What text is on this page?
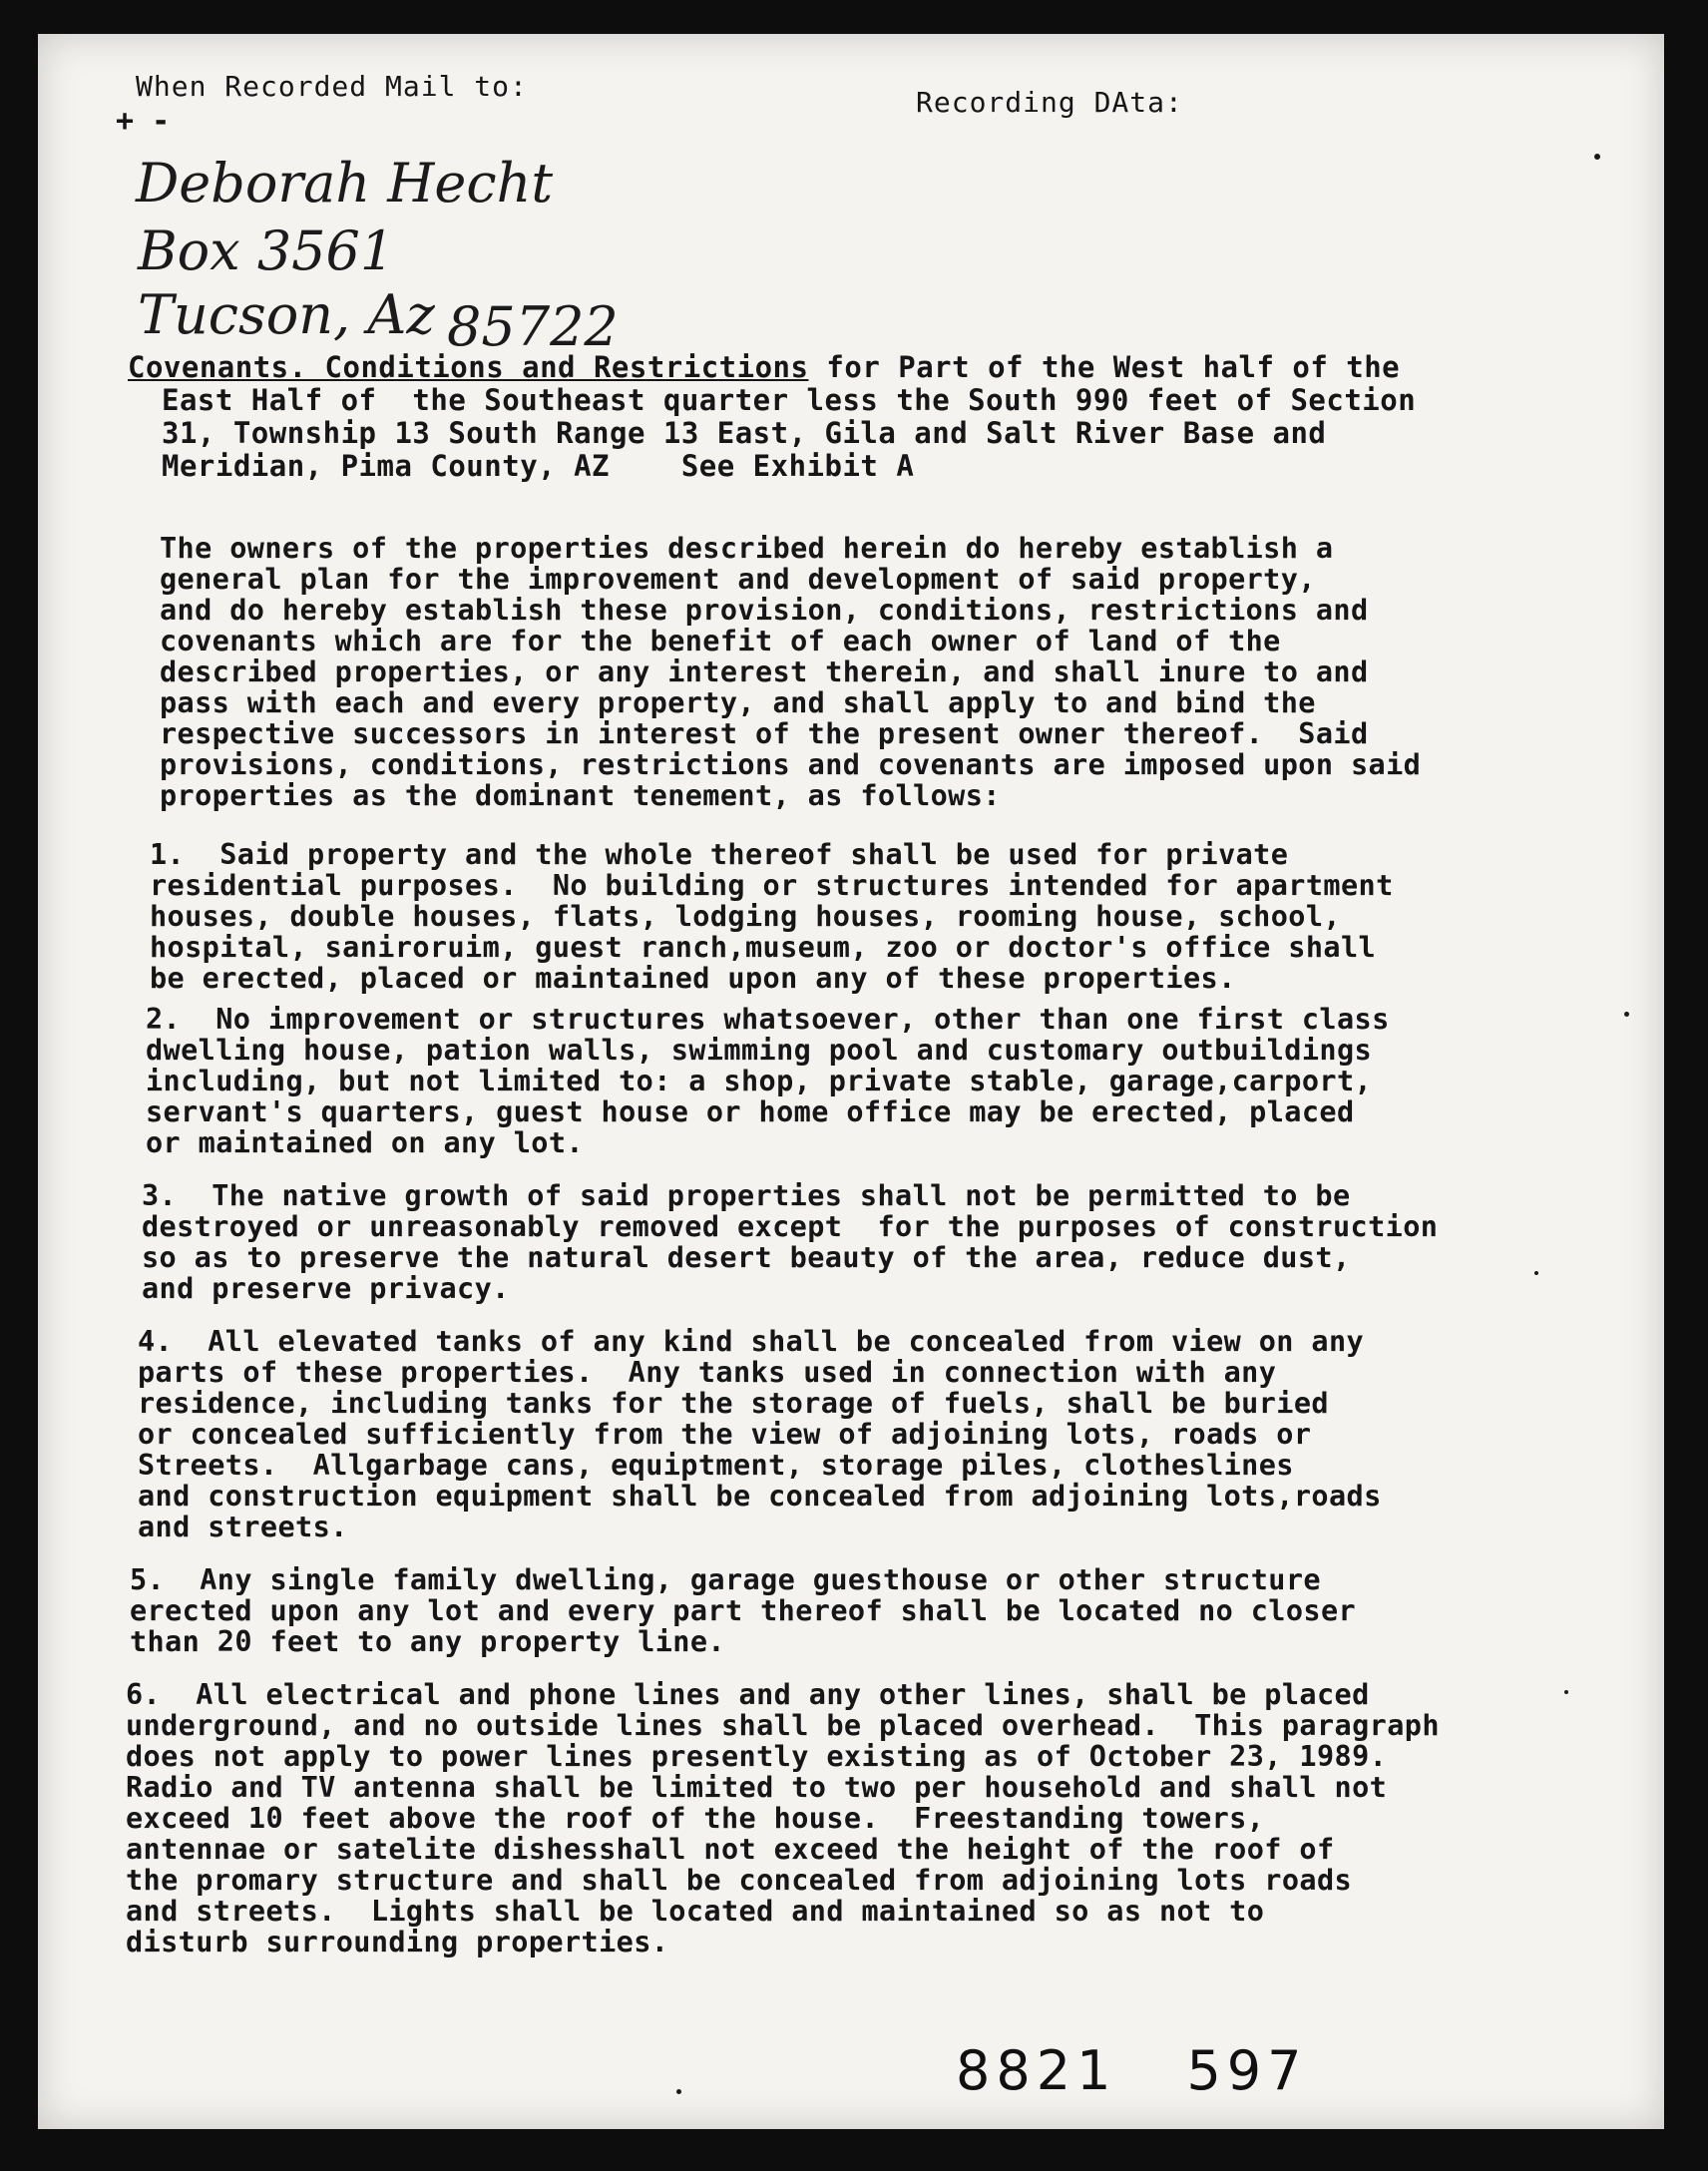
When Recorded Mail to:
+ -
Recording DAta:
Deborah Hecht
Box 3561
Tucson, Az 85722
Covenants. Conditions and Restrictions for Part of the West half of the
East Half of  the Southeast quarter less the South 990 feet of Section
31, Township 13 South Range 13 East, Gila and Salt River Base and
Meridian, Pima County, AZ    See Exhibit A
The owners of the properties described herein do hereby establish a
general plan for the improvement and development of said property,
and do hereby establish these provision, conditions, restrictions and
covenants which are for the benefit of each owner of land of the
described properties, or any interest therein, and shall inure to and
pass with each and every property, and shall apply to and bind the
respective successors in interest of the present owner thereof.  Said
provisions, conditions, restrictions and covenants are imposed upon said
properties as the dominant tenement, as follows:
1.  Said property and the whole thereof shall be used for private
residential purposes.  No building or structures intended for apartment
houses, double houses, flats, lodging houses, rooming house, school,
hospital, saniroruim, guest ranch,museum, zoo or doctor's office shall
be erected, placed or maintained upon any of these properties.
2.  No improvement or structures whatsoever, other than one first class
dwelling house, pation walls, swimming pool and customary outbuildings
including, but not limited to: a shop, private stable, garage,carport,
servant's quarters, guest house or home office may be erected, placed
or maintained on any lot.
3.  The native growth of said properties shall not be permitted to be
destroyed or unreasonably removed except  for the purposes of construction
so as to preserve the natural desert beauty of the area, reduce dust,
and preserve privacy.
4.  All elevated tanks of any kind shall be concealed from view on any
parts of these properties.  Any tanks used in connection with any
residence, including tanks for the storage of fuels, shall be buried
or concealed sufficiently from the view of adjoining lots, roads or
Streets.  Allgarbage cans, equiptment, storage piles, clotheslines
and construction equipment shall be concealed from adjoining lots,roads
and streets.
5.  Any single family dwelling, garage guesthouse or other structure
erected upon any lot and every part thereof shall be located no closer
than 20 feet to any property line.
6.  All electrical and phone lines and any other lines, shall be placed
underground, and no outside lines shall be placed overhead.  This paragraph
does not apply to power lines presently existing as of October 23, 1989.
Radio and TV antenna shall be limited to two per household and shall not
exceed 10 feet above the roof of the house.  Freestanding towers,
antennae or satelite dishesshall not exceed the height of the roof of
the promary structure and shall be concealed from adjoining lots roads
and streets.  Lights shall be located and maintained so as not to
disturb surrounding properties.
8821 597
